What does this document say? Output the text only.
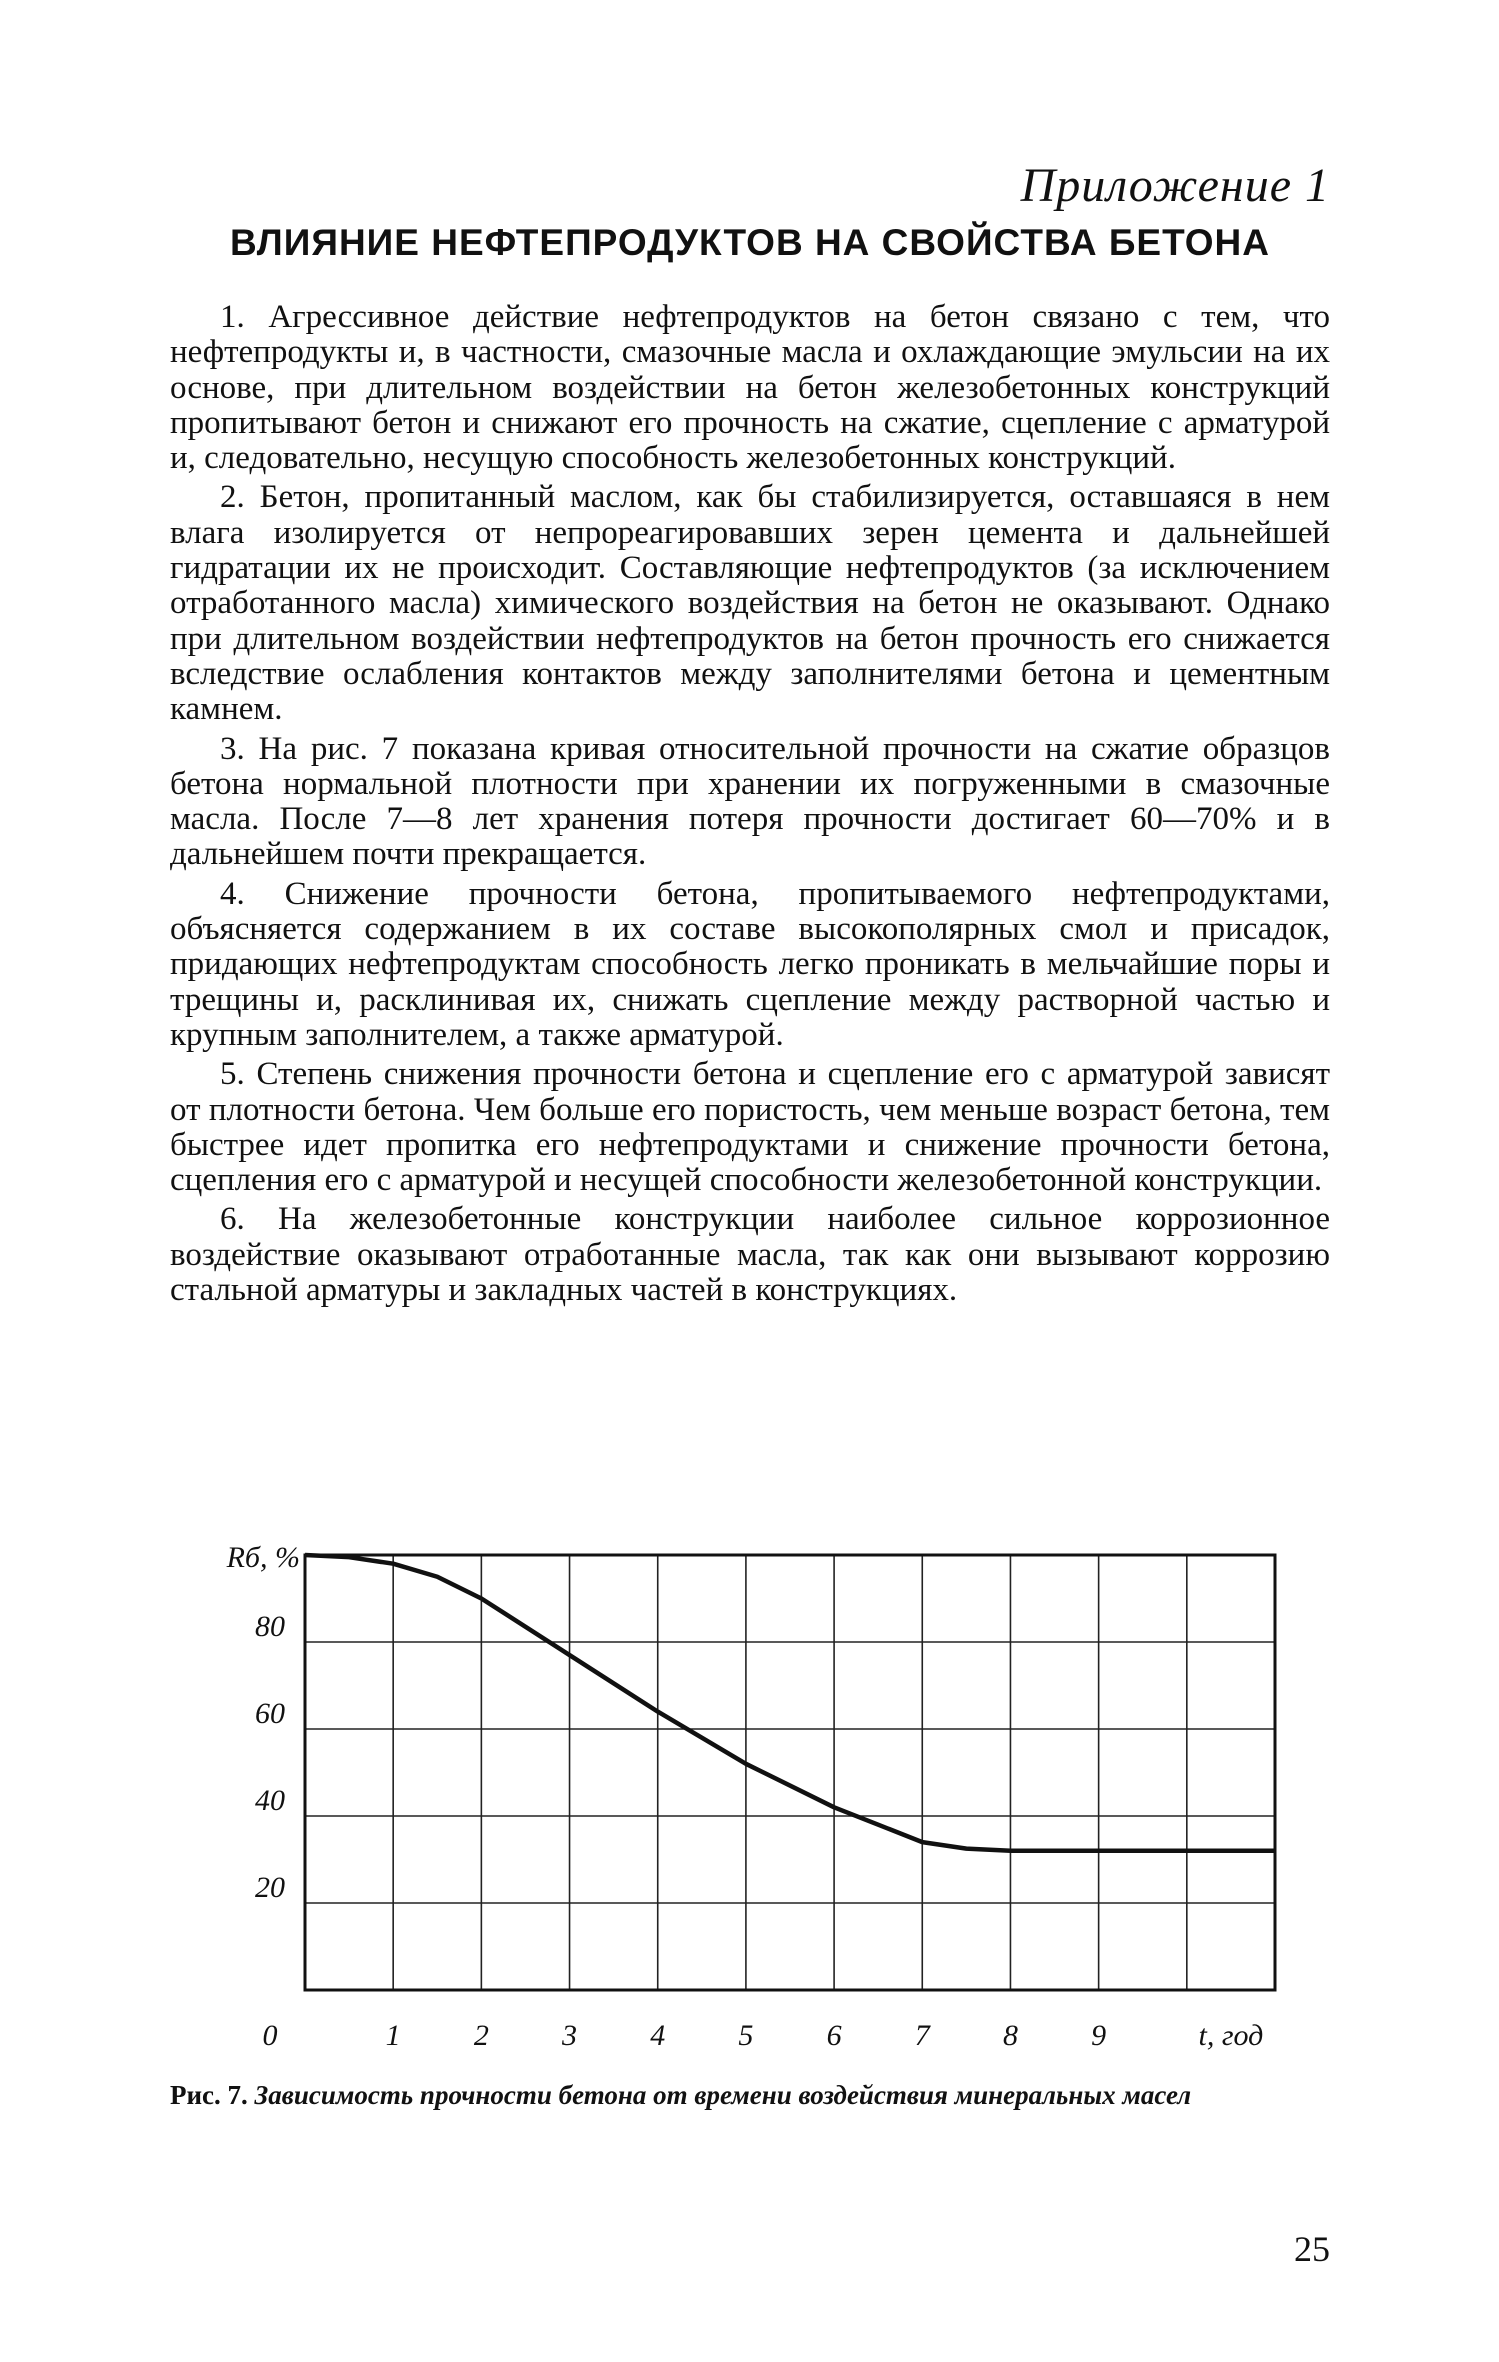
Приложение 1
ВЛИЯНИЕ НЕФТЕПРОДУКТОВ НА СВОЙСТВА БЕТОНА

1. Агрессивное действие нефтепродуктов на бетон связано с тем, что нефтепродукты и, в частности, смазочные масла и охлаждающие эмульсии на их основе, при длительном воздействии на бетон железобетонных конструкций пропитывают бетон и снижают его прочность на сжатие, сцепление с арматурой и, следовательно, несущую способность железобетонных конструкций.

2. Бетон, пропитанный маслом, как бы стабилизируется, оставшаяся в нем влага изолируется от непрореагировавших зерен цемента и дальнейшей гидратации их не происходит. Составляющие нефтепродуктов (за исключением отработанного масла) химического воздействия на бетон не оказывают. Однако при длительном воздействии нефтепродуктов на бетон прочность его снижается вследствие ослабления контактов между заполнителями бетона и цементным камнем.

3. На рис. 7 показана кривая относительной прочности на сжатие образцов бетона нормальной плотности при хранении их погруженными в смазочные масла. После 7—8 лет хранения потеря прочности достигает 60—70% и в дальнейшем почти прекращается.

4. Снижение прочности бетона, пропитываемого нефтепродуктами, объясняется содержанием в их составе высокополярных смол и присадок, придающих нефтепродуктам способность легко проникать в мельчайшие поры и трещины и, расклинивая их, снижать сцепление между растворной частью и крупным заполнителем, а также арматурой.

5. Степень снижения прочности бетона и сцепление его с арматурой зависят от плотности бетона. Чем больше его пористость, чем меньше возраст бетона, тем быстрее идет пропитка его нефтепродуктами и снижение прочности бетона, сцепления его с арматурой и несущей способности железобетонной конструкции.

6. На железобетонные конструкции наиболее сильное коррозионное воздействие оказывают отработанные масла, так как они вызывают коррозию стальной арматуры и закладных частей в конструкциях.

20
40
60
80
0	1 2 3 4 5 6 7 8 9
Rб, %
t, год
Рис. 7. Зависимость прочности бетона от времени воздействия минеральных масел
25
